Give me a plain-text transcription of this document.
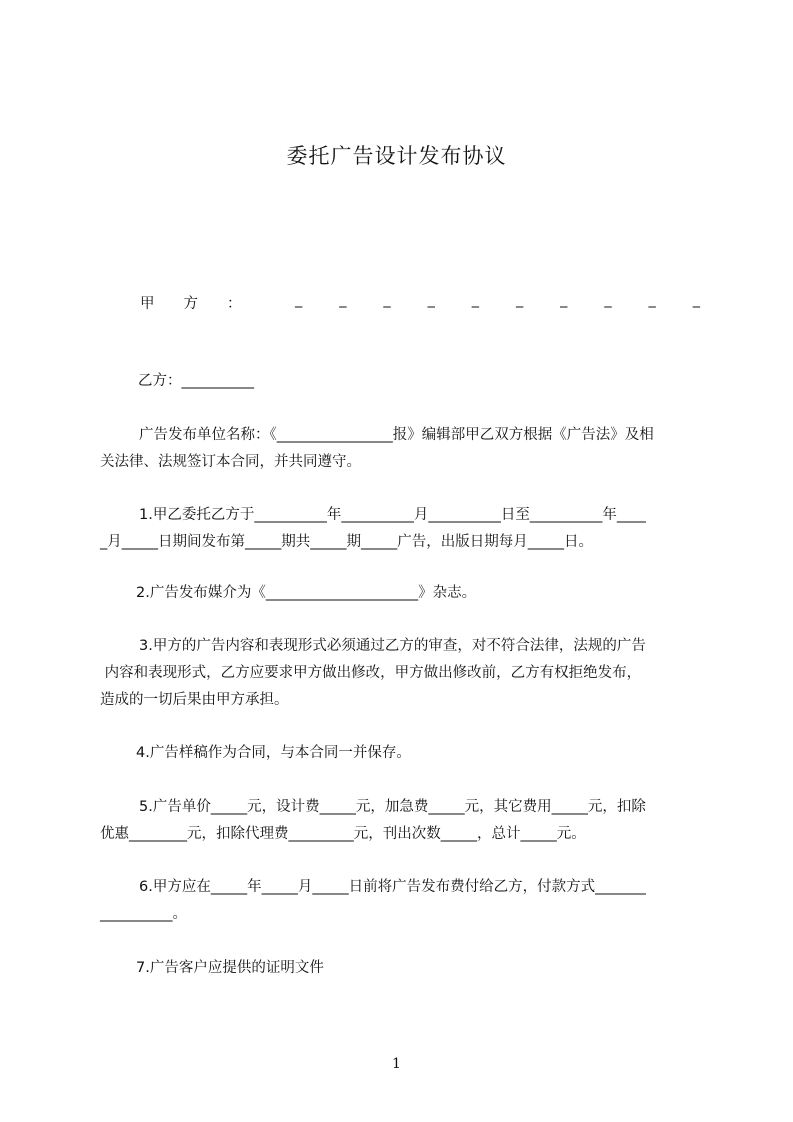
委托广告设计发布协议
甲　　方　　：	_	_	_	_	_	_	_	_	_	_
乙方：__________
广告发布单位名称：《________________报》编辑部甲乙双方根据《广告法》及相
关法律、法规签订本合同，并共同遵守。
1.甲乙委托乙方于__________年__________月__________日至__________年____
_月_____日期间发布第_____期共_____期_____广告，出版日期每月_____日。
2.广告发布媒介为《_____________________》杂志。
3.甲方的广告内容和表现形式必须通过乙方的审查，对不符合法律，法规的广告
内容和表现形式，乙方应要求甲方做出修改，甲方做出修改前，乙方有权拒绝发布，
造成的一切后果由甲方承担。
4.广告样稿作为合同，与本合同一并保存。
5.广告单价_____元，设计费_____元，加急费_____元，其它费用_____元，扣除
优惠________元，扣除代理费_________元，刊出次数_____，总计_____元。
6.甲方应在_____年_____月_____日前将广告发布费付给乙方，付款方式_______
__________。
7.广告客户应提供的证明文件
1
